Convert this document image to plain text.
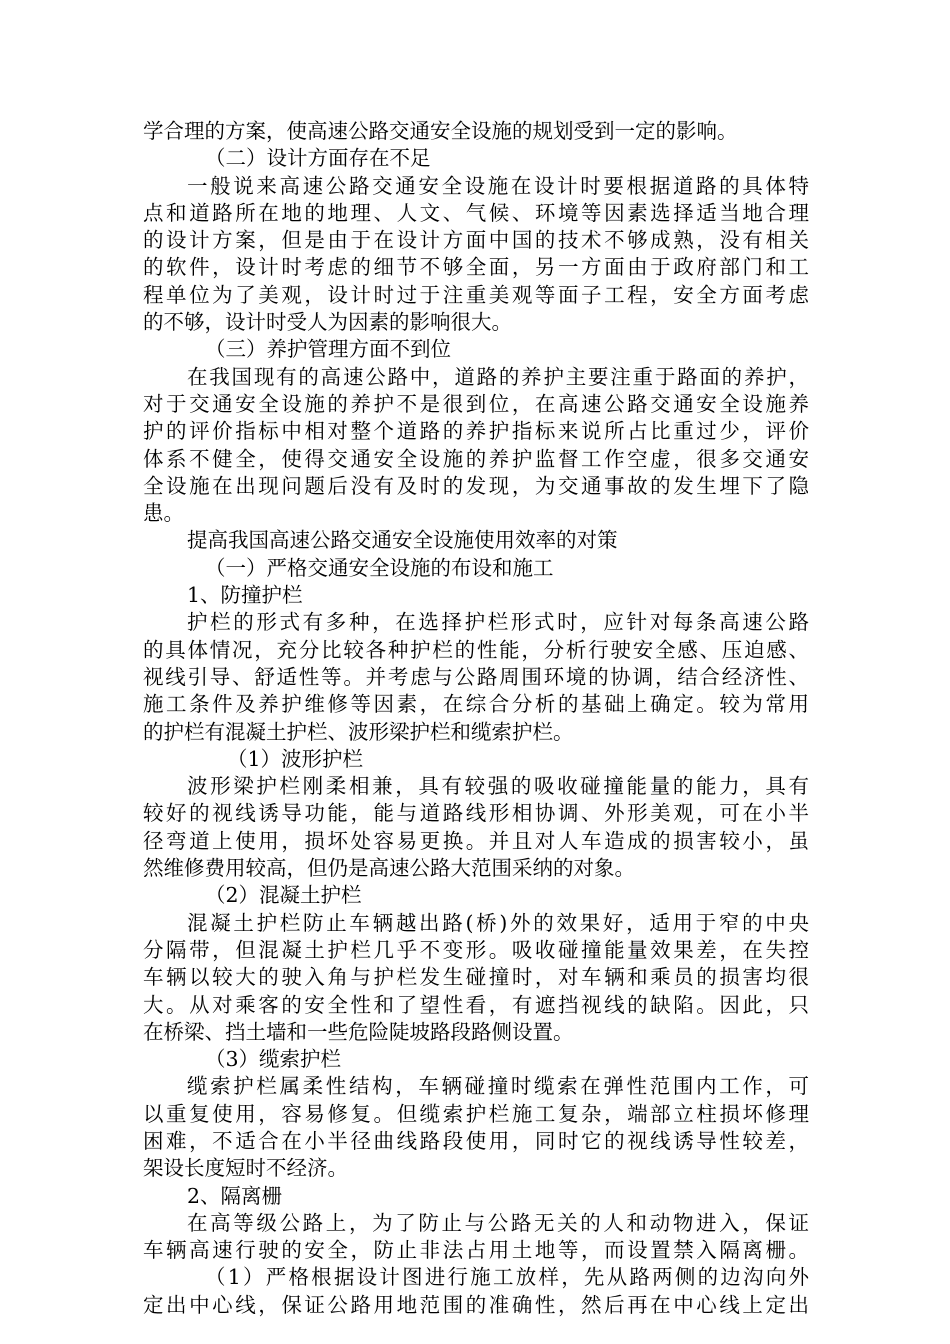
学合理的方案，使高速公路交通安全设施的规划受到一定的影响。
（二）设计方面存在不足
一般说来高速公路交通安全设施在设计时要根据道路的具体特
点和道路所在地的地理、人文、气候、环境等因素选择适当地合理
的设计方案，但是由于在设计方面中国的技术不够成熟，没有相关
的软件，设计时考虑的细节不够全面，另一方面由于政府部门和工
程单位为了美观，设计时过于注重美观等面子工程，安全方面考虑
的不够，设计时受人为因素的影响很大。
（三）养护管理方面不到位
在我国现有的高速公路中，道路的养护主要注重于路面的养护，
对于交通安全设施的养护不是很到位，在高速公路交通安全设施养
护的评价指标中相对整个道路的养护指标来说所占比重过少，评价
体系不健全，使得交通安全设施的养护监督工作空虚，很多交通安
全设施在出现问题后没有及时的发现，为交通事故的发生埋下了隐
患。
提高我国高速公路交通安全设施使用效率的对策
（一）严格交通安全设施的布设和施工
1、防撞护栏
护栏的形式有多种，在选择护栏形式时，应针对每条高速公路
的具体情况，充分比较各种护栏的性能，分析行驶安全感、压迫感、
视线引导、舒适性等。并考虑与公路周围环境的协调，结合经济性、
施工条件及养护维修等因素，在综合分析的基础上确定。较为常用
的护栏有混凝土护栏、波形梁护栏和缆索护栏。
（1）波形护栏
波形梁护栏刚柔相兼，具有较强的吸收碰撞能量的能力，具有
较好的视线诱导功能，能与道路线形相协调、外形美观，可在小半
径弯道上使用，损坏处容易更换。并且对人车造成的损害较小，虽
然维修费用较高，但仍是高速公路大范围采纳的对象。
（2）混凝土护栏
混凝土护栏防止车辆越出路(桥)外的效果好，适用于窄的中央
分隔带，但混凝土护栏几乎不变形。吸收碰撞能量效果差，在失控
车辆以较大的驶入角与护栏发生碰撞时，对车辆和乘员的损害均很
大。从对乘客的安全性和了望性看，有遮挡视线的缺陷。因此，只
在桥梁、挡土墙和一些危险陡坡路段路侧设置。
（3）缆索护栏
缆索护栏属柔性结构，车辆碰撞时缆索在弹性范围内工作，可
以重复使用，容易修复。但缆索护栏施工复杂，端部立柱损坏修理
困难，不适合在小半径曲线路段使用，同时它的视线诱导性较差，
架设长度短时不经济。
2、隔离栅
在高等级公路上，为了防止与公路无关的人和动物进入，保证
车辆高速行驶的安全，防止非法占用土地等，而设置禁入隔离栅。
（1）严格根据设计图进行施工放样，先从路两侧的边沟向外
定出中心线，保证公路用地范围的准确性，然后再在中心线上定出
